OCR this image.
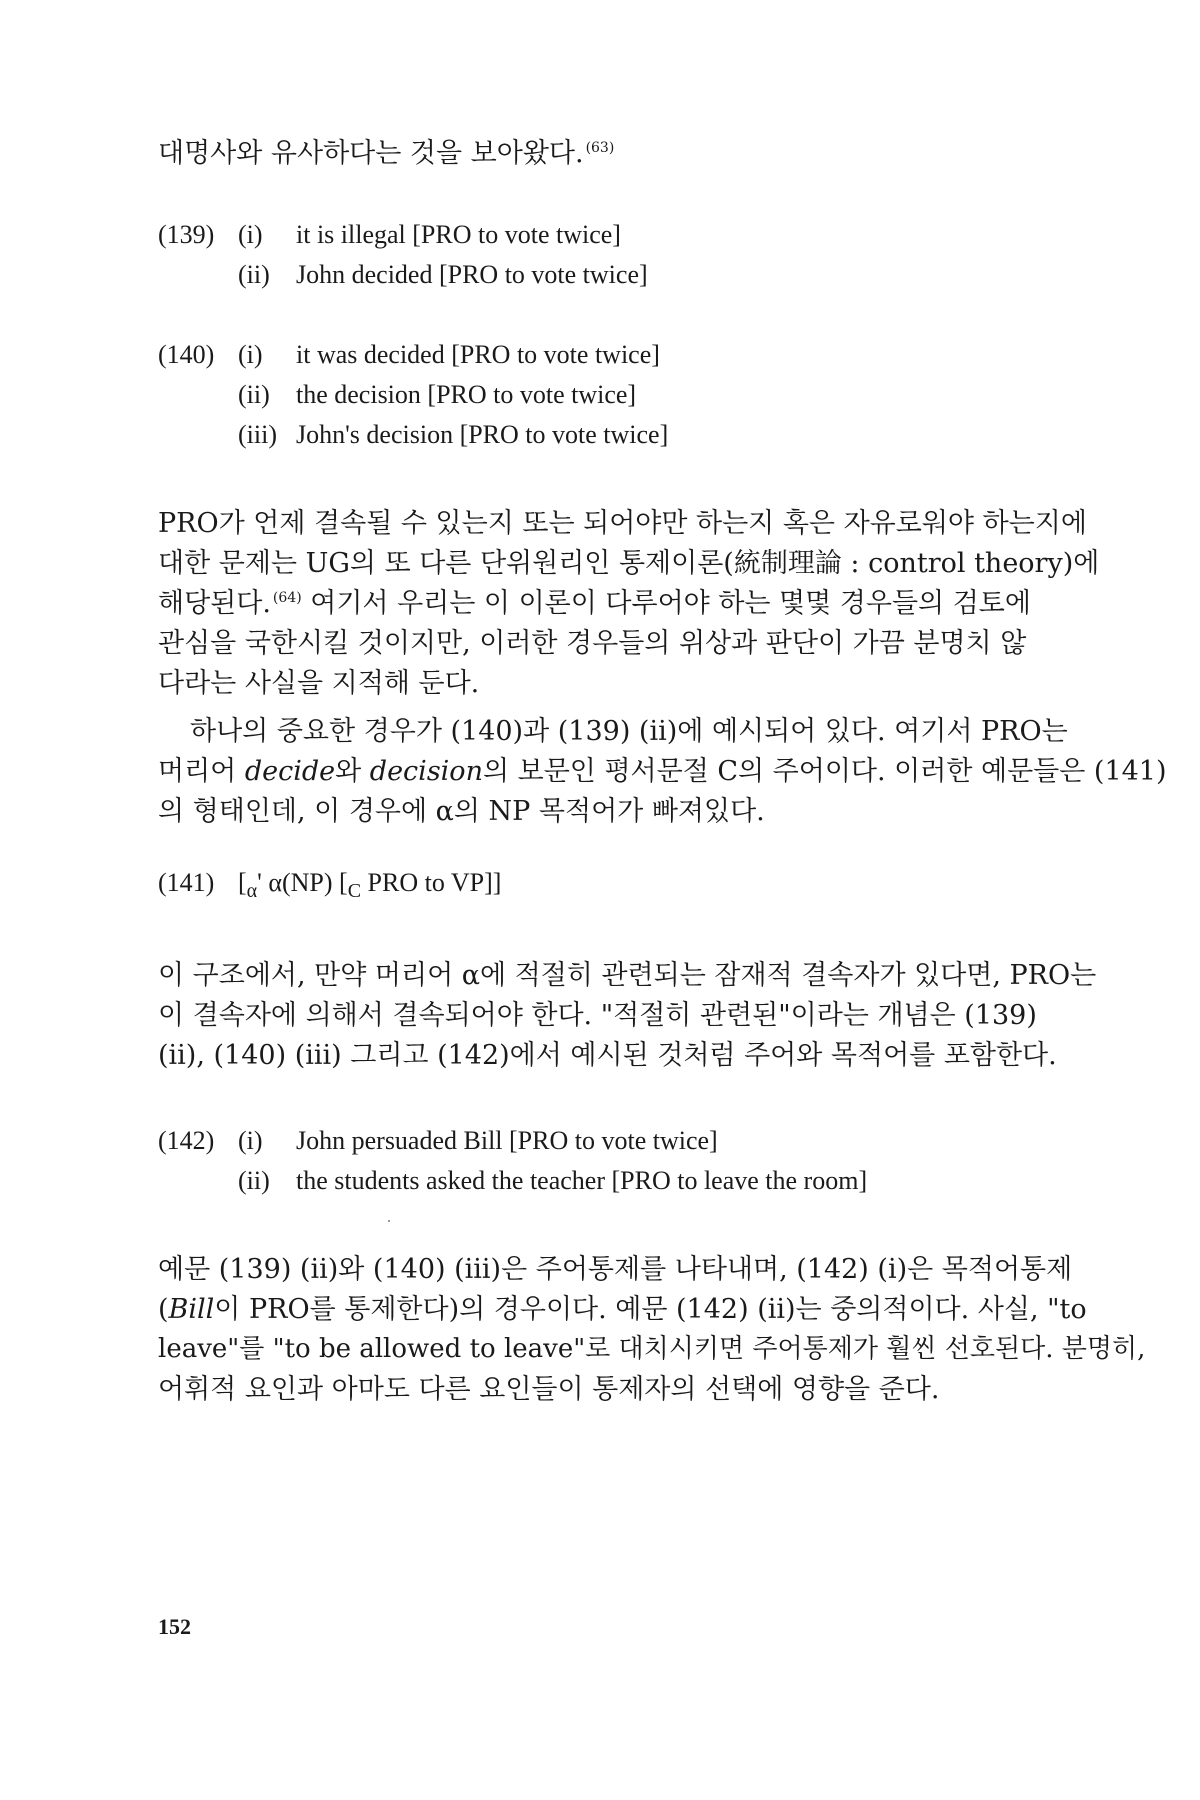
대명사와 유사하다는 것을 보아왔다. $^{(63)}$
(139) (i) it is illegal [PRO to vote twice]
(ii) John decided [PRO to vote twice]
(140) (i) it was decided [PRO to vote twice]
(ii) the decision [PRO to vote twice]
(iii) John's decision [PRO to vote twice]
PRO가 언제 결속될 수 있는지 또는 되어야만 하는지 혹은 자유로워야 하는지에
대한 문제는 UG의 또 다른 단위원리인 통제이론(統制理論 : control theory)에
해당된다. $^{(64)}$ 여기서 우리는 이 이론이 다루어야 하는 몇몇 경우들의 검토에
관심을 국한시킬 것이지만, 이러한 경우들의 위상과 판단이 가끔 분명치 않
다라는 사실을 지적해 둔다.
하나의 중요한 경우가 (140)과 (139) (ii)에 예시되어 있다. 여기서 PRO는
머리어 decide와 decision의 보문인 평서문절 C의 주어이다. 이러한 예문들은 (141)
의 형태인데, 이 경우에 α의 NP 목적어가 빠져있다.
(141) [$_\alpha'$ α(NP) [$_C$ PRO to VP]]
이 구조에서, 만약 머리어 α에 적절히 관련되는 잠재적 결속자가 있다면, PRO는
이 결속자에 의해서 결속되어야 한다. "적절히 관련된"이라는 개념은 (139)
(ii), (140) (iii) 그리고 (142)에서 예시된 것처럼 주어와 목적어를 포함한다.
(142) (i) John persuaded Bill [PRO to vote twice]
(ii) the students asked the teacher [PRO to leave the room]
예문 (139) (ii)와 (140) (iii)은 주어통제를 나타내며, (142) (i)은 목적어통제
(Bill이 PRO를 통제한다)의 경우이다. 예문 (142) (ii)는 중의적이다. 사실, "to
leave"를 "to be allowed to leave"로 대치시키면 주어통제가 훨씬 선호된다. 분명히,
어휘적 요인과 아마도 다른 요인들이 통제자의 선택에 영향을 준다.
152
